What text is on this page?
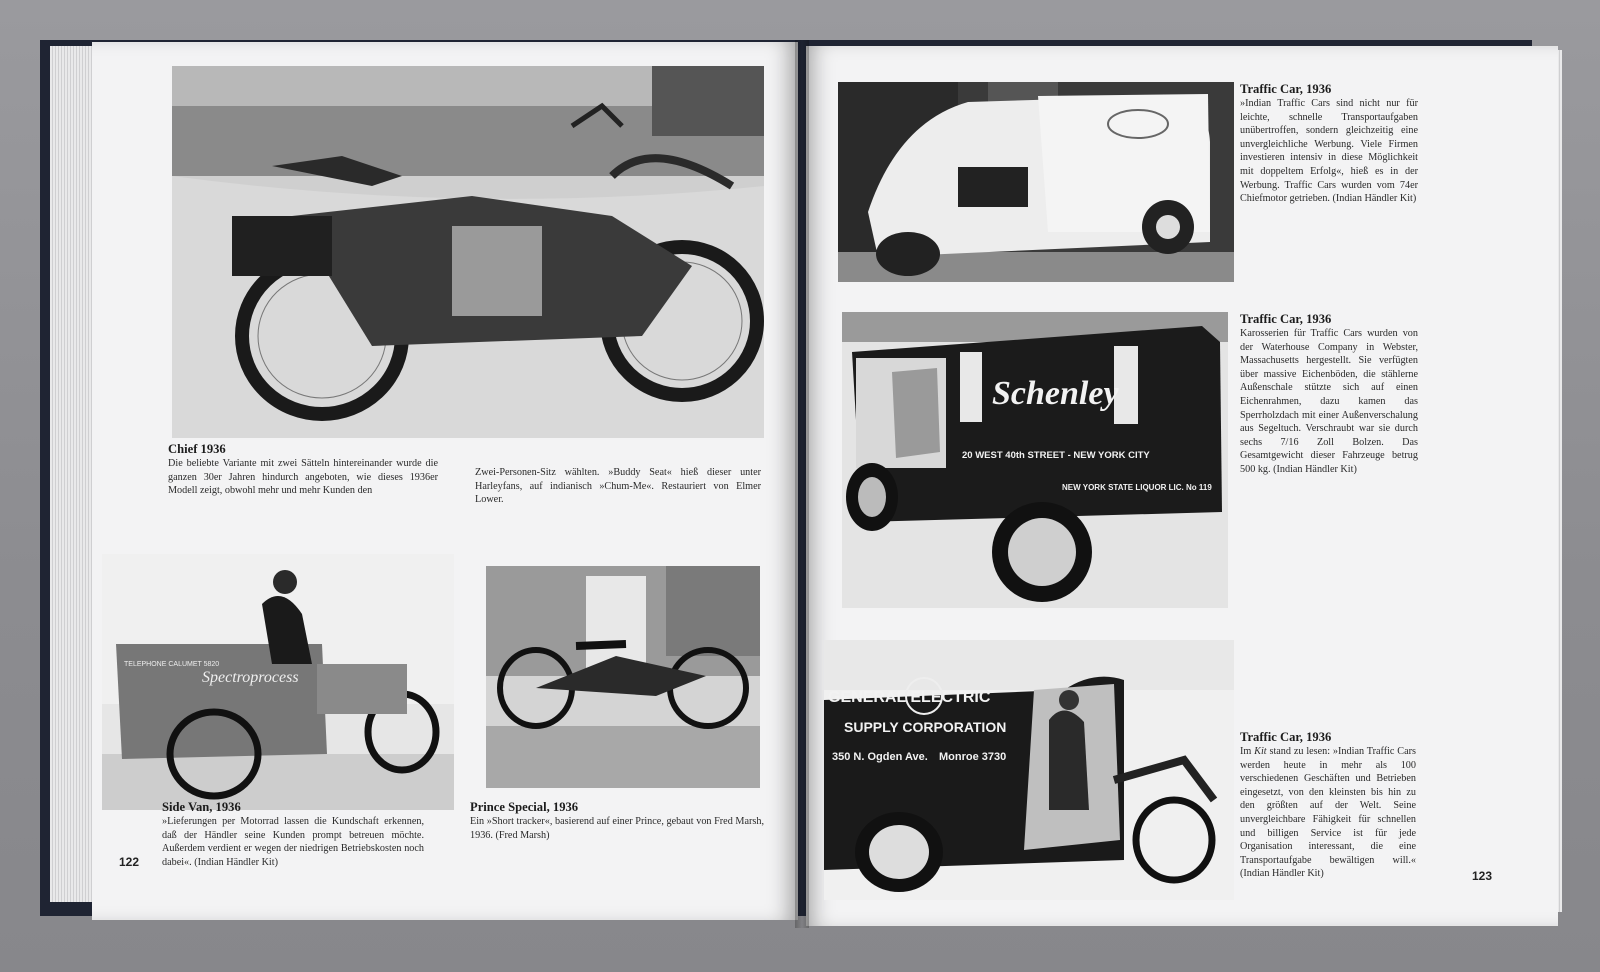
Chief 1936
Die beliebte Variante mit zwei Sätteln hintereinander wurde die ganzen 30er Jahren hindurch angeboten, wie dieses 1936er Modell zeigt, obwohl mehr und mehr Kunden den
Zwei-Personen-Sitz wählten. »Buddy Seat« hieß dieser unter Harleyfans, auf indianisch »Chum-Me«. Restauriert von Elmer Lower.
Spectroprocess
TELEPHONE CALUMET 5820
Side Van, 1936
»Lieferungen per Motorrad lassen die Kundschaft erkennen, daß der Händler seine Kunden prompt betreuen möchte. Außerdem verdient er wegen der niedrigen Betriebskosten noch dabei«. (Indian Händler Kit)
Prince Special, 1936
Ein »Short tracker«, basierend auf einer Prince, gebaut von Fred Marsh, 1936. (Fred Marsh)
122
Traffic Car, 1936
»Indian Traffic Cars sind nicht nur für leichte, schnelle Transportaufgaben unübertroffen, sondern gleichzeitig eine unvergleichliche Werbung. Viele Firmen investieren intensiv in diese Möglichkeit mit doppeltem Erfolg«, hieß es in der Werbung. Traffic Cars wurden vom 74er Chiefmotor getrieben. (Indian Händler Kit)
Schenley
20 WEST 40th STREET - NEW YORK CITY
NEW YORK STATE LIQUOR LIC. No 119
Traffic Car, 1936
Karosserien für Traffic Cars wurden von der Waterhouse Company in Webster, Massachusetts hergestellt. Sie verfügten über massive Eichenböden, die stählerne Außenschale stützte sich auf einen Eichenrahmen, dazu kamen das Sperrholzdach mit einer Außenverschalung aus Segeltuch. Verschraubt war sie durch sechs 7/16 Zoll Bolzen. Das Gesamtgewicht dieser Fahrzeuge betrug 500 kg. (Indian Händler Kit)
GENERAL ELECTRIC
SUPPLY CORPORATION
350 N. Ogden Ave. Monroe 3730
Traffic Car, 1936
Im Kit stand zu lesen: »Indian Traffic Cars werden heute in mehr als 100 verschiedenen Geschäften und Betrieben eingesetzt, von den kleinsten bis hin zu den größten auf der Welt. Seine unvergleichbare Fähigkeit für schnellen und billigen Service ist für jede Organisation interessant, die eine Transportaufgabe bewältigen will.« (Indian Händler Kit)	123
